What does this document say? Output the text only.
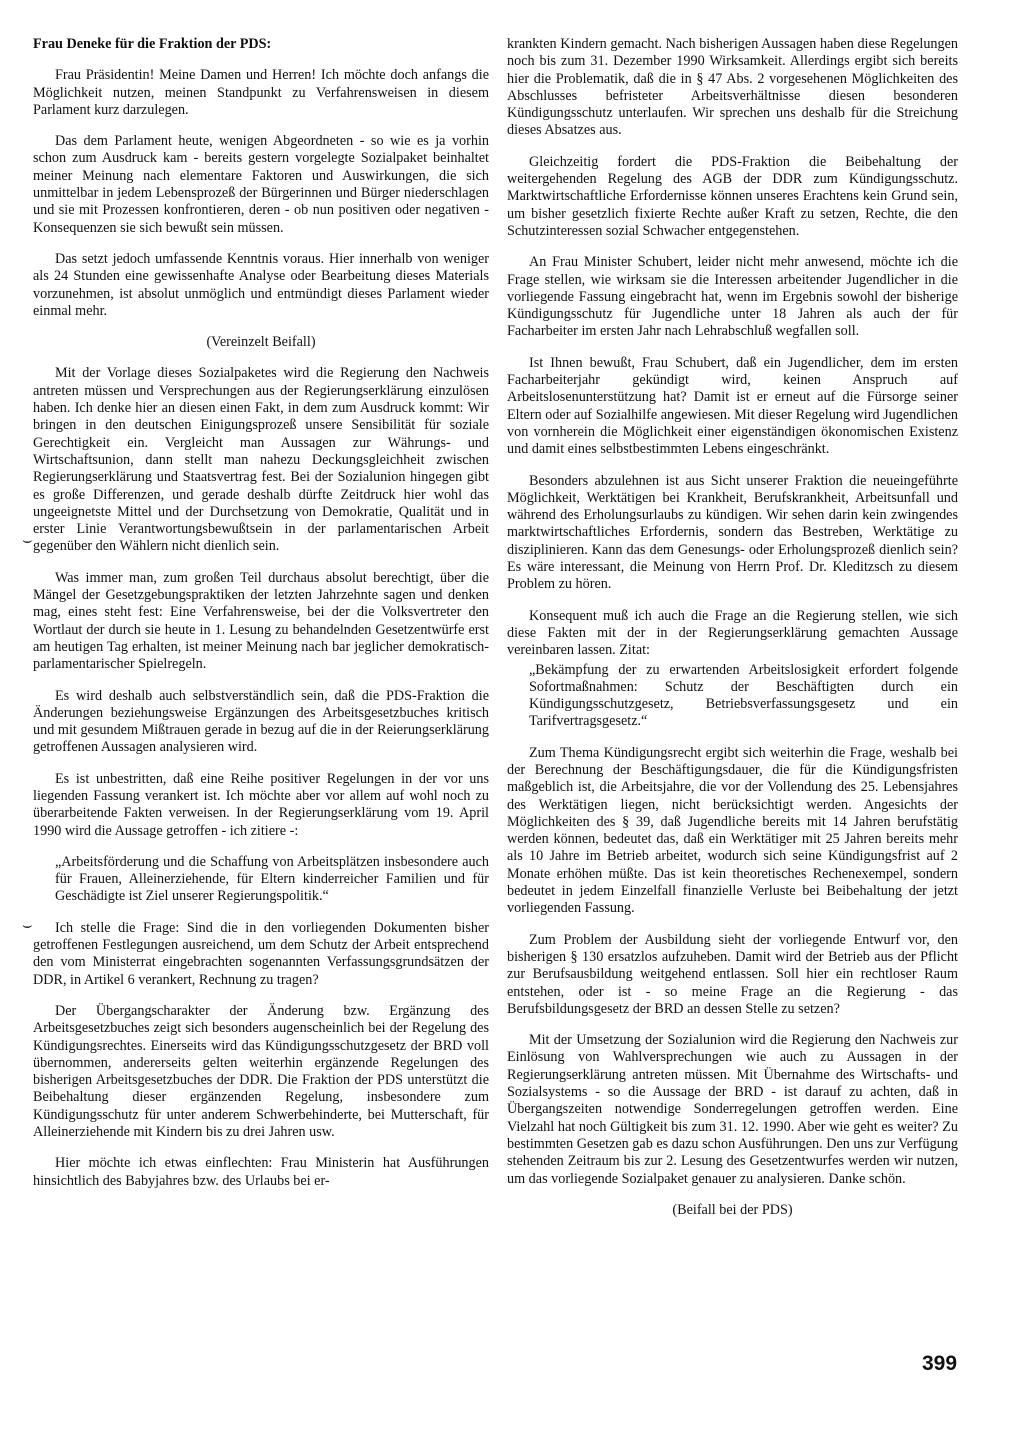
Frau Deneke für die Fraktion der PDS:

Frau Präsidentin! Meine Damen und Herren! Ich möchte doch anfangs die Möglichkeit nutzen, meinen Standpunkt zu Verfahrensweisen in diesem Parlament kurz darzulegen.

Das dem Parlament heute, wenigen Abgeordneten - so wie es ja vorhin schon zum Ausdruck kam - bereits gestern vorgelegte Sozialpaket beinhaltet meiner Meinung nach elementare Faktoren und Auswirkungen, die sich unmittelbar in jedem Lebensprozeß der Bürgerinnen und Bürger niederschlagen und sie mit Prozessen konfrontieren, deren - ob nun positiven oder negativen - Konsequenzen sie sich bewußt sein müssen.

Das setzt jedoch umfassende Kenntnis voraus. Hier innerhalb von weniger als 24 Stunden eine gewissenhafte Analyse oder Bearbeitung dieses Materials vorzunehmen, ist absolut unmöglich und entmündigt dieses Parlament wieder einmal mehr.

(Vereinzelt Beifall)

Mit der Vorlage dieses Sozialpaketes wird die Regierung den Nachweis antreten müssen und Versprechungen aus der Regierungserklärung einzulösen haben. Ich denke hier an diesen einen Fakt, in dem zum Ausdruck kommt: Wir bringen in den deutschen Einigungsprozeß unsere Sensibilität für soziale Gerechtigkeit ein. Vergleicht man Aussagen zur Währungs- und Wirtschaftsunion, dann stellt man nahezu Deckungsgleichheit zwischen Regierungserklärung und Staatsvertrag fest. Bei der Sozialunion hingegen gibt es große Differenzen, und gerade deshalb dürfte Zeitdruck hier wohl das ungeeignetste Mittel und der Durchsetzung von Demokratie, Qualität und in erster Linie Verantwortungsbewußtsein in der parlamentarischen Arbeit gegenüber den Wählern nicht dienlich sein.

Was immer man, zum großen Teil durchaus absolut berechtigt, über die Mängel der Gesetzgebungspraktiken der letzten Jahrzehnte sagen und denken mag, eines steht fest: Eine Verfahrensweise, bei der die Volksvertreter den Wortlaut der durch sie heute in 1. Lesung zu behandelnden Gesetzentwürfe erst am heutigen Tag erhalten, ist meiner Meinung nach bar jeglicher demokratisch-parlamentarischer Spielregeln.

Es wird deshalb auch selbstverständlich sein, daß die PDS-Fraktion die Änderungen beziehungsweise Ergänzungen des Arbeitsgesetzbuches kritisch und mit gesundem Mißtrauen gerade in bezug auf die in der Reierungserklärung getroffenen Aussagen analysieren wird.

Es ist unbestritten, daß eine Reihe positiver Regelungen in der vor uns liegenden Fassung verankert ist. Ich möchte aber vor allem auf wohl noch zu überarbeitende Fakten verweisen. In der Regierungserklärung vom 19. April 1990 wird die Aussage getroffen - ich zitiere -:

„Arbeitsförderung und die Schaffung von Arbeitsplätzen insbesondere auch für Frauen, Alleinerziehende, für Eltern kinderreicher Familien und für Geschädigte ist Ziel unserer Regierungspolitik.“

Ich stelle die Frage: Sind die in den vorliegenden Dokumenten bisher getroffenen Festlegungen ausreichend, um dem Schutz der Arbeit entsprechend den vom Ministerrat eingebrachten sogenannten Verfassungsgrundsätzen der DDR, in Artikel 6 verankert, Rechnung zu tragen?

Der Übergangscharakter der Änderung bzw. Ergänzung des Arbeitsgesetzbuches zeigt sich besonders augenscheinlich bei der Regelung des Kündigungsrechtes. Einerseits wird das Kündigungsschutzgesetz der BRD voll übernommen, andererseits gelten weiterhin ergänzende Regelungen des bisherigen Arbeitsgesetzbuches der DDR. Die Fraktion der PDS unterstützt die Beibehaltung dieser ergänzenden Regelung, insbesondere zum Kündigungsschutz für unter anderem Schwerbehinderte, bei Mutterschaft, für Alleinerziehende mit Kindern bis zu drei Jahren usw.

Hier möchte ich etwas einflechten: Frau Ministerin hat Ausführungen hinsichtlich des Babyjahres bzw. des Urlaubs bei er-

krankten Kindern gemacht. Nach bisherigen Aussagen haben diese Regelungen noch bis zum 31. Dezember 1990 Wirksamkeit. Allerdings ergibt sich bereits hier die Problematik, daß die in § 47 Abs. 2 vorgesehenen Möglichkeiten des Abschlusses befristeter Arbeitsverhältnisse diesen besonderen Kündigungsschutz unterlaufen. Wir sprechen uns deshalb für die Streichung dieses Absatzes aus.

Gleichzeitig fordert die PDS-Fraktion die Beibehaltung der weitergehenden Regelung des AGB der DDR zum Kündigungsschutz. Marktwirtschaftliche Erfordernisse können unseres Erachtens kein Grund sein, um bisher gesetzlich fixierte Rechte außer Kraft zu setzen, Rechte, die den Schutzinteressen sozial Schwacher entgegenstehen.

An Frau Minister Schubert, leider nicht mehr anwesend, möchte ich die Frage stellen, wie wirksam sie die Interessen arbeitender Jugendlicher in die vorliegende Fassung eingebracht hat, wenn im Ergebnis sowohl der bisherige Kündigungsschutz für Jugendliche unter 18 Jahren als auch der für Facharbeiter im ersten Jahr nach Lehrabschluß wegfallen soll.

Ist Ihnen bewußt, Frau Schubert, daß ein Jugendlicher, dem im ersten Facharbeiterjahr gekündigt wird, keinen Anspruch auf Arbeitslosenunterstützung hat? Damit ist er erneut auf die Fürsorge seiner Eltern oder auf Sozialhilfe angewiesen. Mit dieser Regelung wird Jugendlichen von vornherein die Möglichkeit einer eigenständigen ökonomischen Existenz und damit eines selbstbestimmten Lebens eingeschränkt.

Besonders abzulehnen ist aus Sicht unserer Fraktion die neueingeführte Möglichkeit, Werktätigen bei Krankheit, Berufskrankheit, Arbeitsunfall und während des Erholungsurlaubs zu kündigen. Wir sehen darin kein zwingendes marktwirtschaftliches Erfordernis, sondern das Bestreben, Werktätige zu disziplinieren. Kann das dem Genesungs- oder Erholungsprozeß dienlich sein? Es wäre interessant, die Meinung von Herrn Prof. Dr. Kleditzsch zu diesem Problem zu hören.

Konsequent muß ich auch die Frage an die Regierung stellen, wie sich diese Fakten mit der in der Regierungserklärung gemachten Aussage vereinbaren lassen. Zitat:

„Bekämpfung der zu erwartenden Arbeitslosigkeit erfordert folgende Sofortmaßnahmen: Schutz der Beschäftigten durch ein Kündigungsschutzgesetz, Betriebsverfassungsgesetz und ein Tarifvertragsgesetz.“

Zum Thema Kündigungsrecht ergibt sich weiterhin die Frage, weshalb bei der Berechnung der Beschäftigungsdauer, die für die Kündigungsfristen maßgeblich ist, die Arbeitsjahre, die vor der Vollendung des 25. Lebensjahres des Werktätigen liegen, nicht berücksichtigt werden. Angesichts der Möglichkeiten des § 39, daß Jugendliche bereits mit 14 Jahren berufstätig werden können, bedeutet das, daß ein Werktätiger mit 25 Jahren bereits mehr als 10 Jahre im Betrieb arbeitet, wodurch sich seine Kündigungsfrist auf 2 Monate erhöhen müßte. Das ist kein theoretisches Rechenexempel, sondern bedeutet in jedem Einzelfall finanzielle Verluste bei Beibehaltung der jetzt vorliegenden Fassung.

Zum Problem der Ausbildung sieht der vorliegende Entwurf vor, den bisherigen § 130 ersatzlos aufzuheben. Damit wird der Betrieb aus der Pflicht zur Berufsausbildung weitgehend entlassen. Soll hier ein rechtloser Raum entstehen, oder ist - so meine Frage an die Regierung - das Berufsbildungsgesetz der BRD an dessen Stelle zu setzen?

Mit der Umsetzung der Sozialunion wird die Regierung den Nachweis zur Einlösung von Wahlversprechungen wie auch zu Aussagen in der Regierungserklärung antreten müssen. Mit Übernahme des Wirtschafts- und Sozialsystems - so die Aussage der BRD - ist darauf zu achten, daß in Übergangszeiten notwendige Sonderregelungen getroffen werden. Eine Vielzahl hat noch Gültigkeit bis zum 31. 12. 1990. Aber wie geht es weiter? Zu bestimmten Gesetzen gab es dazu schon Ausführungen. Den uns zur Verfügung stehenden Zeitraum bis zur 2. Lesung des Gesetzentwurfes werden wir nutzen, um das vorliegende Sozialpaket genauer zu analysieren. Danke schön.

(Beifall bei der PDS)

⌣
⌣
399
